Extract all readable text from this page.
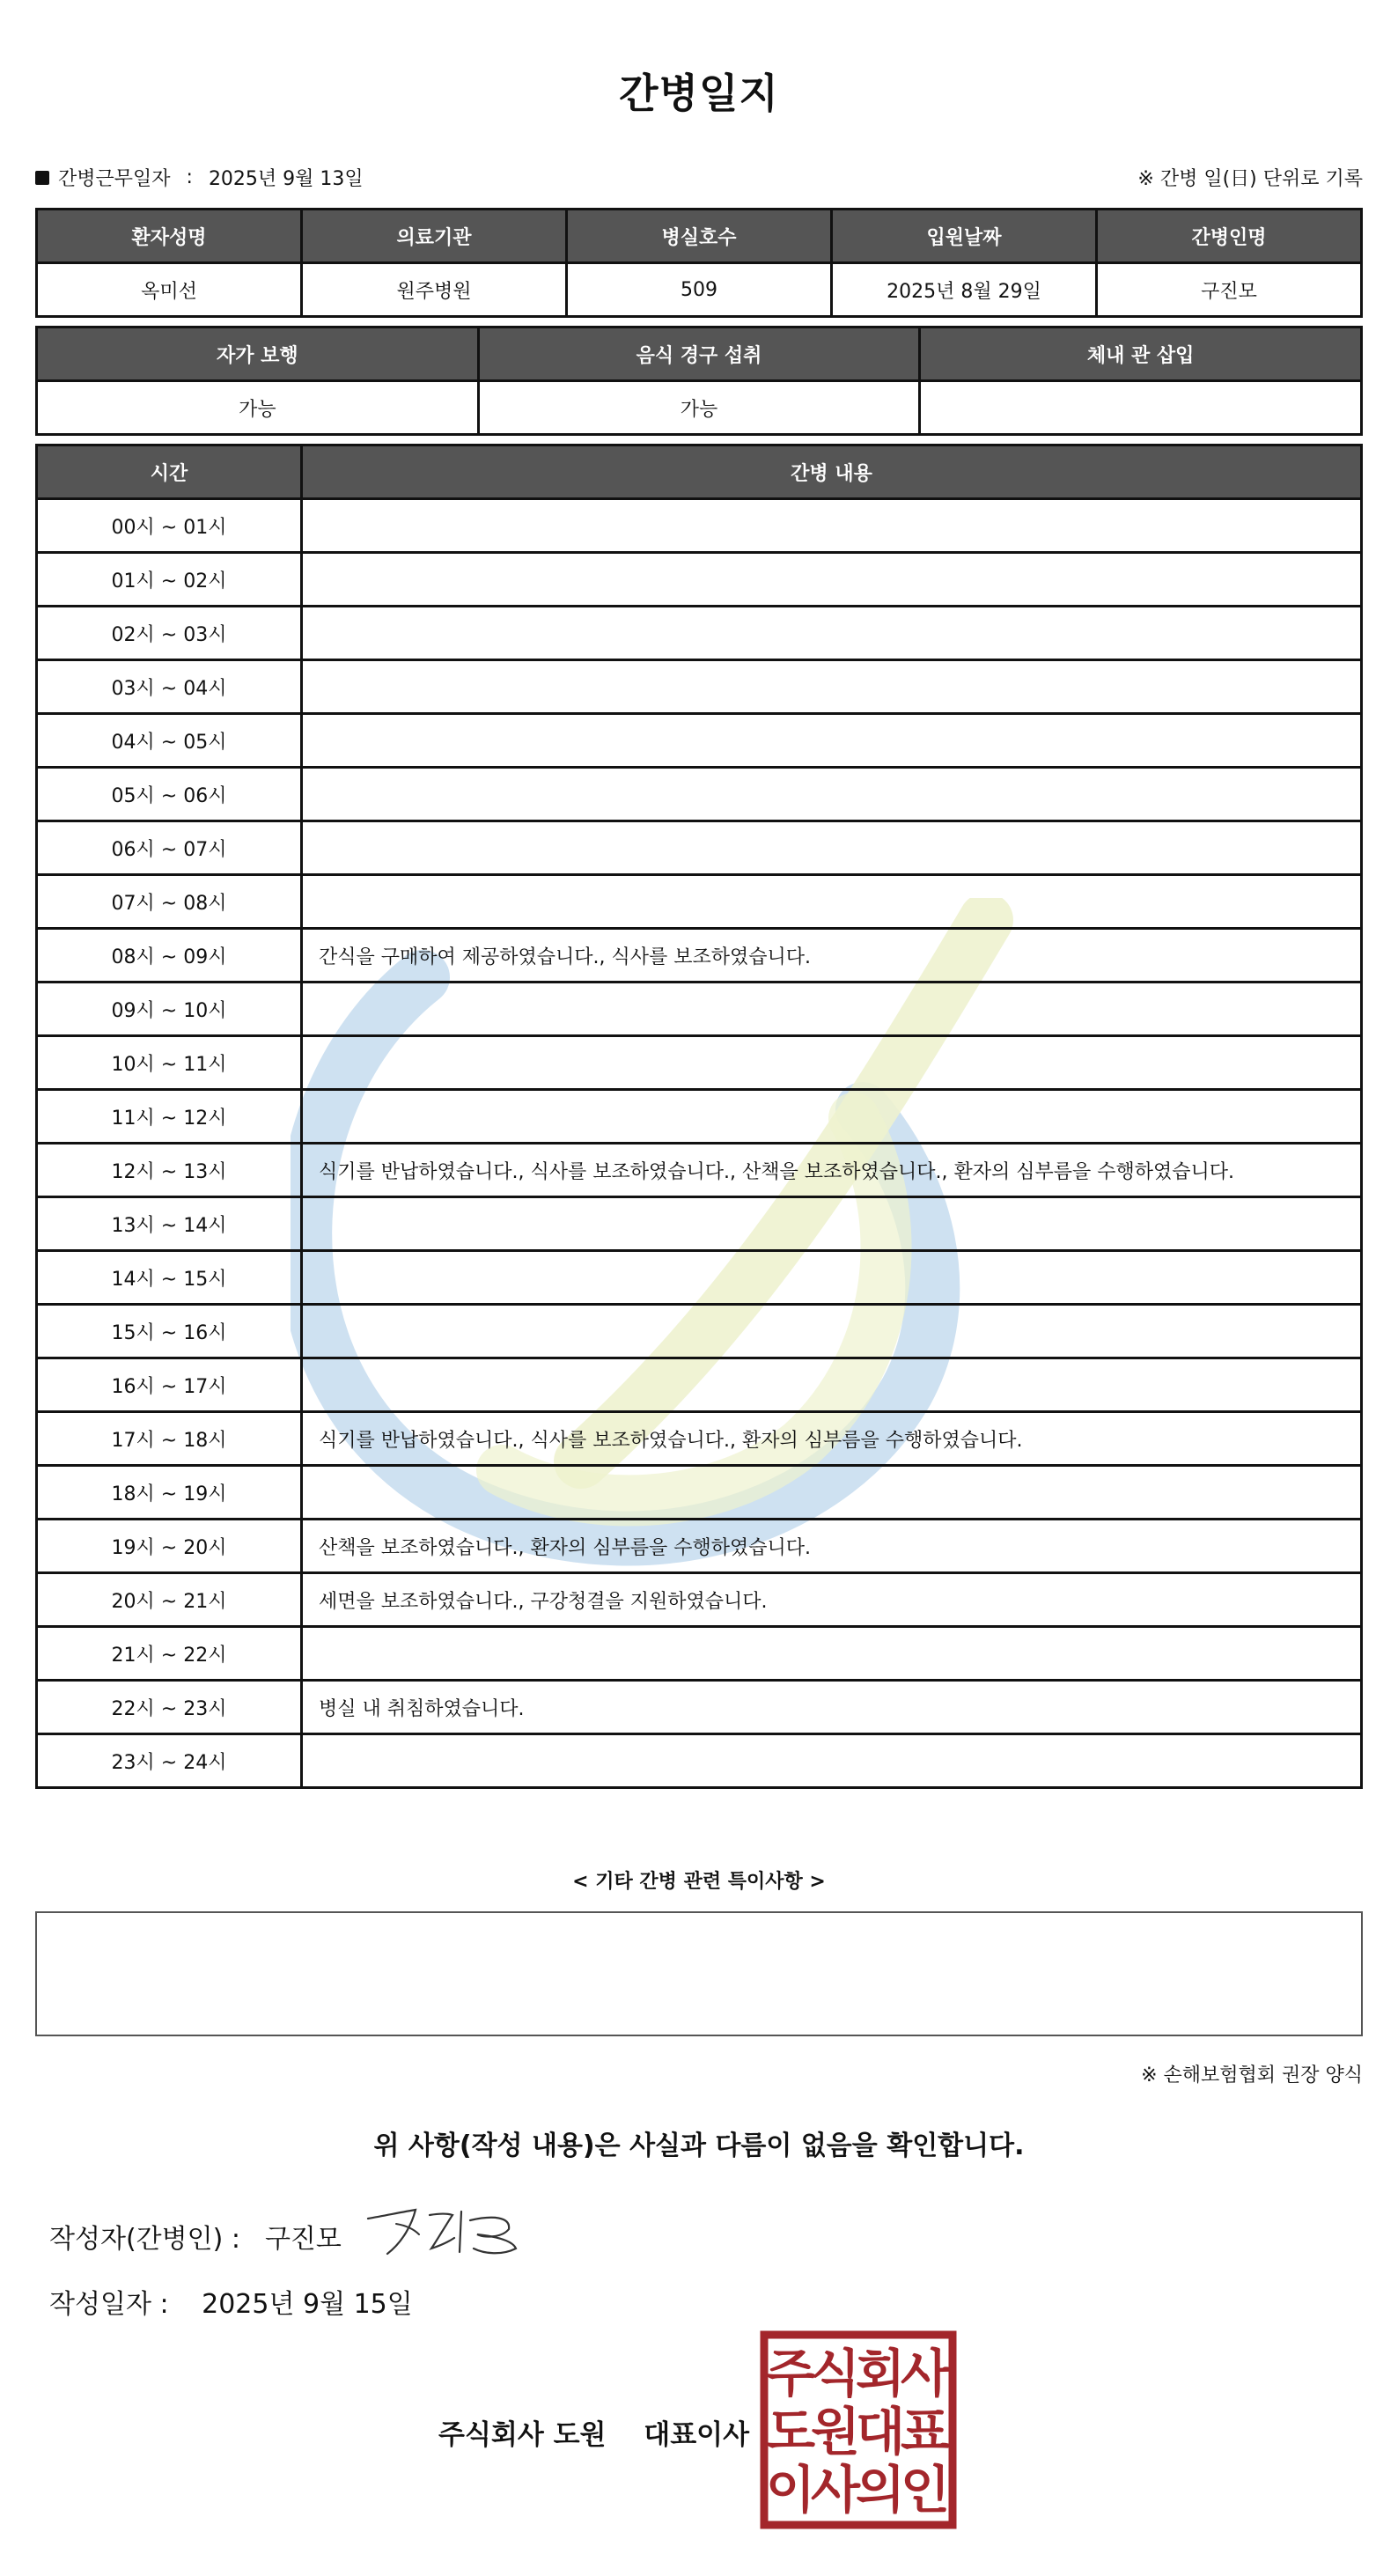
간병일지
간병근무일자 : 2025년 9월 13일	※ 간병 일(日) 단위로 기록
환자성명	의료기관	병실호수	입원날짜	간병인명
옥미선	원주병원	509	2025년 8월 29일	구진모
자가 보행	음식 경구 섭취	체내 관 삽입
가능	가능	
시간	간병 내용
00시 ~ 01시	
01시 ~ 02시	
02시 ~ 03시	
03시 ~ 04시	
04시 ~ 05시	
05시 ~ 06시	
06시 ~ 07시	
07시 ~ 08시	
08시 ~ 09시	간식을 구매하여 제공하였습니다., 식사를 보조하였습니다.
09시 ~ 10시	
10시 ~ 11시	
11시 ~ 12시	
12시 ~ 13시	식기를 반납하였습니다., 식사를 보조하였습니다., 산책을 보조하였습니다., 환자의 심부름을 수행하였습니다.
13시 ~ 14시	
14시 ~ 15시	
15시 ~ 16시	
16시 ~ 17시	
17시 ~ 18시	식기를 반납하였습니다., 식사를 보조하였습니다., 환자의 심부름을 수행하였습니다.
18시 ~ 19시	
19시 ~ 20시	산책을 보조하였습니다., 환자의 심부름을 수행하였습니다.
20시 ~ 21시	세면을 보조하였습니다., 구강청결을 지원하였습니다.
21시 ~ 22시	
22시 ~ 23시	병실 내 취침하였습니다.
23시 ~ 24시	
< 기타 간병 관련 특이사항 >
※ 손해보험협회 권장 양식
위 사항(작성 내용)은 사실과 다름이 없음을 확인합니다.
작성자(간병인) : 구진모
작성일자 : 2025년 9월 15일
주식회사 도원 대표이사
주
식
회
사
도
원
대
표
이
사
의
인
